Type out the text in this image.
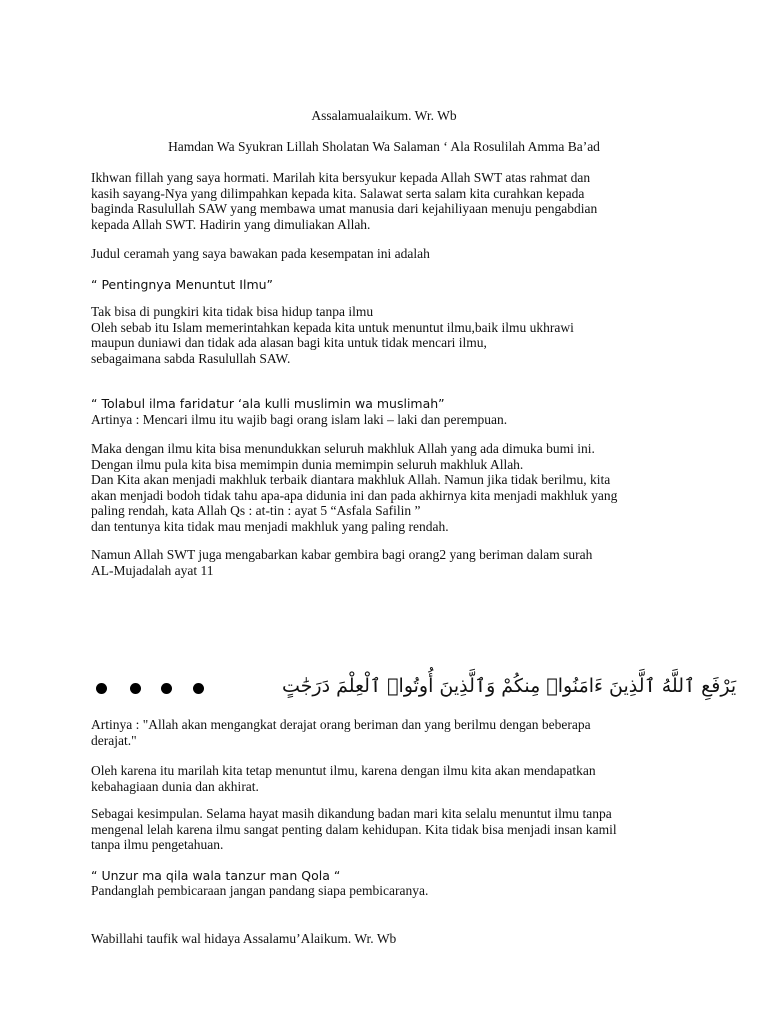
Assalamualaikum. Wr. Wb

Hamdan Wa Syukran Lillah Sholatan Wa Salaman ‘ Ala Rosulilah Amma Ba’ad

Ikhwan fillah yang saya hormati. Marilah kita bersyukur kepada Allah SWT atas rahmat dan
kasih sayang-Nya yang dilimpahkan kepada kita. Salawat serta salam kita curahkan kepada
baginda Rasulullah SAW yang membawa umat manusia dari kejahiliyaan menuju pengabdian
kepada Allah SWT. Hadirin yang dimuliakan Allah.

Judul ceramah yang saya bawakan pada kesempatan ini adalah

“ Pentingnya Menuntut Ilmu”

Tak bisa di pungkiri kita tidak bisa hidup tanpa ilmu
Oleh sebab itu Islam memerintahkan kepada kita untuk menuntut ilmu,baik ilmu ukhrawi
maupun duniawi dan tidak ada alasan bagi kita untuk tidak mencari ilmu,
sebagaimana sabda Rasulullah SAW.

“ Tolabul ilma faridatur ‘ala kulli muslimin wa muslimah”

Artinya : Mencari ilmu itu wajib bagi orang islam laki – laki dan perempuan.

Maka dengan ilmu kita bisa menundukkan seluruh makhluk Allah yang ada dimuka bumi ini.
Dengan ilmu pula kita bisa memimpin dunia memimpin seluruh makhluk Allah.
Dan Kita akan menjadi makhluk terbaik diantara makhluk Allah. Namun jika tidak berilmu, kita
akan menjadi bodoh tidak tahu apa-apa didunia ini dan pada akhirnya kita menjadi makhluk yang
paling rendah, kata Allah Qs : at-tin : ayat 5 “Asfala Safilin ”
dan tentunya kita tidak mau menjadi makhluk yang paling rendah.

Namun Allah SWT juga mengabarkan kabar gembira bagi orang2 yang beriman dalam surah
AL-Mujadalah ayat 11

يَرْفَعِ ٱللَّهُ ٱلَّذِينَ ءَامَنُوا۟ مِنكُمْ وَٱلَّذِينَ أُوتُوا۟ ٱلْعِلْمَ دَرَجَٰتٍ

Artinya : "Allah akan mengangkat derajat orang beriman dan yang berilmu dengan beberapa
derajat."

Oleh karena itu marilah kita tetap menuntut ilmu, karena dengan ilmu kita akan mendapatkan
kebahagiaan dunia dan akhirat.

Sebagai kesimpulan. Selama hayat masih dikandung badan mari kita selalu menuntut ilmu tanpa
mengenal lelah karena ilmu sangat penting dalam kehidupan. Kita tidak bisa menjadi insan kamil
tanpa ilmu pengetahuan.

“ Unzur ma qila wala tanzur man Qola “

Pandanglah pembicaraan jangan pandang siapa pembicaranya.

Wabillahi taufik wal hidaya Assalamu’Alaikum. Wr. Wb
